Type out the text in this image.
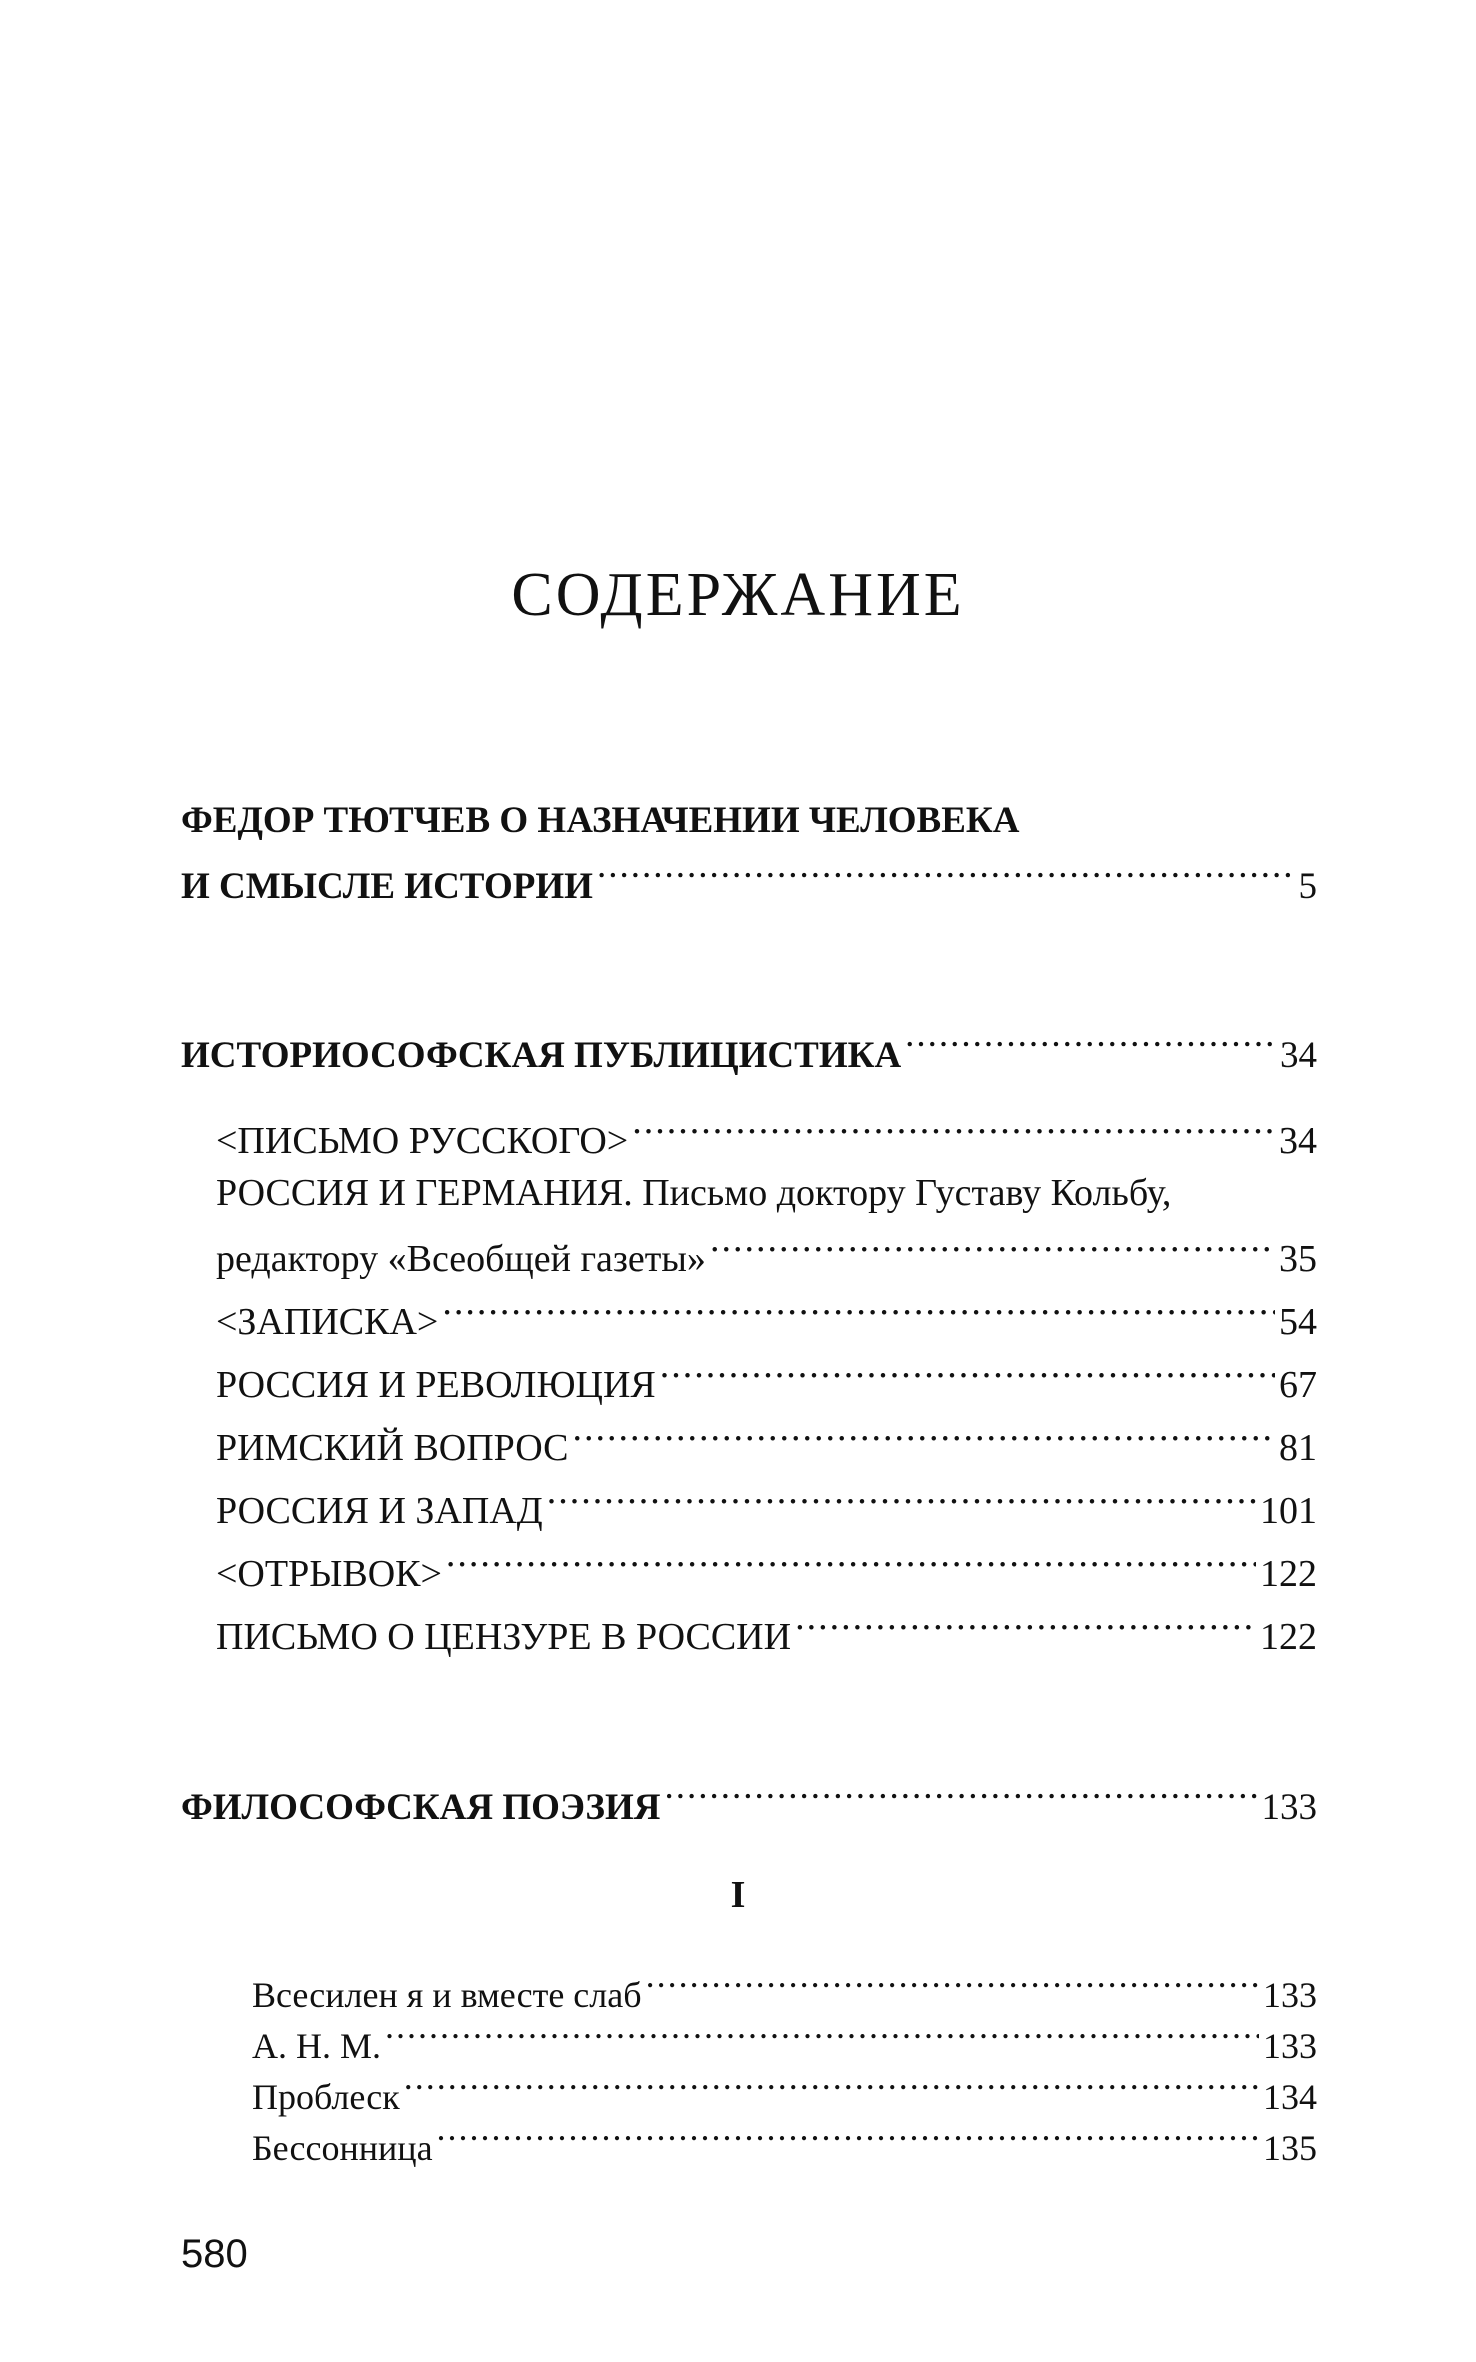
СОДЕРЖАНИЕ
ФЕДОР ТЮТЧЕВ О НАЗНАЧЕНИИ ЧЕЛОВЕКА
И СМЫСЛЕ ИСТОРИИ .....	5
ИСТОРИОСОФСКАЯ ПУБЛИЦИСТИКА .....	34
<ПИСЬМО РУССКОГО> .....	34
РОССИЯ И ГЕРМАНИЯ. Письмо доктору Густаву Кольбу,
редактору «Всеобщей газеты» .....	35
<ЗАПИСКА> .....	54
РОССИЯ И РЕВОЛЮЦИЯ .....	67
РИМСКИЙ ВОПРОС .....	81
РОССИЯ И ЗАПАД .....	101
<ОТРЫВОК> .....	122
ПИСЬМО О ЦЕНЗУРЕ В РОССИИ .....	122
ФИЛОСОФСКАЯ ПОЭЗИЯ .....	133
I
Всесилен я и вместе слаб .....	133
А. Н. М. .....	133
Проблеск .....	134
Бессонница .....	135
580
